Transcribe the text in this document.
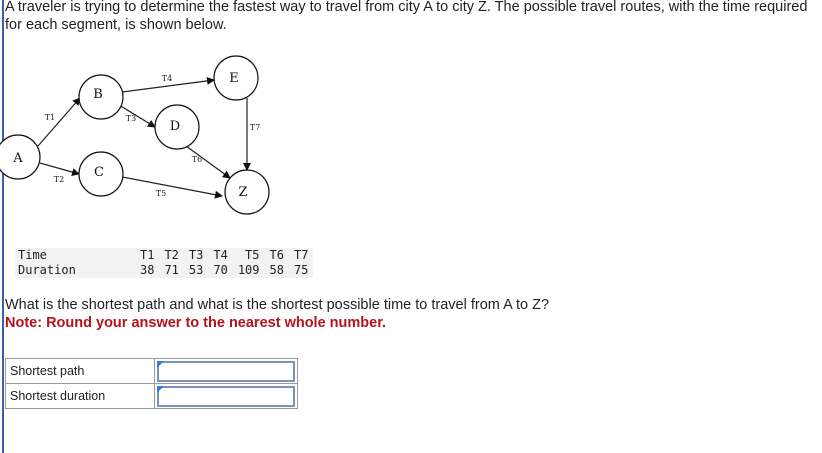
A traveler is trying to determine the fastest way to travel from city A to city Z. The possible travel routes, with the time required for each segment, is shown below.
A
B
C
D
E
Z
T1
T2
T3
T4
T5
T6
T7
Time	T1	T2	T3	T4	T5	T6	T7
Duration	38	71	53	70	109	58	75
What is the shortest path and what is the shortest possible time to travel from A to Z?
Note: Round your answer to the nearest whole number.
Shortest path	

Shortest duration	
